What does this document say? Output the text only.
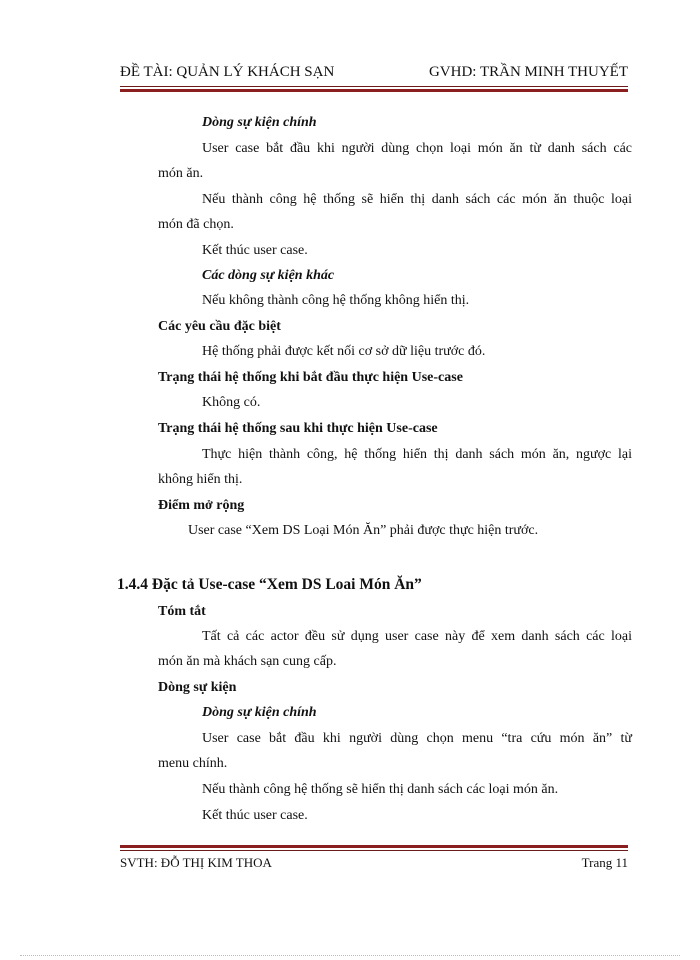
ĐỀ TÀI: QUẢN LÝ KHÁCH SẠN	GVHD: TRẦN MINH THUYẾT
Dòng sự kiện chính
User case bắt đầu khi người dùng chọn loại món ăn từ danh sách các
món ăn.
Nếu thành công hệ thống sẽ hiển thị danh sách các món ăn thuộc loại
món đã chọn.
Kết thúc user case.
Các dòng sự kiện khác
Nếu không thành công hệ thống không hiển thị.
Các yêu cầu đặc biệt
Hệ thống phải được kết nối cơ sở dữ liệu trước đó.
Trạng thái hệ thống khi bắt đầu thực hiện Use-case
Không có.
Trạng thái hệ thống sau khi thực hiện Use-case
Thực hiện thành công, hệ thống hiển thị danh sách món ăn, ngược lại
không hiển thị.
Điểm mở rộng
User case “Xem DS Loại Món Ăn” phải được thực hiện trước.
1.4.4 Đặc tả Use-case “Xem DS Loai Món Ăn”
Tóm tắt
Tất cả các actor đều sử dụng user case này để xem danh sách các loại
món ăn mà khách sạn cung cấp.
Dòng sự kiện
Dòng sự kiện chính
User case bắt đầu khi người dùng chọn menu “tra cứu món ăn” từ
menu chính.
Nếu thành công hệ thống sẽ hiển thị danh sách các loại món ăn.
Kết thúc user case.
SVTH: ĐỖ THỊ KIM THOA	Trang 11
